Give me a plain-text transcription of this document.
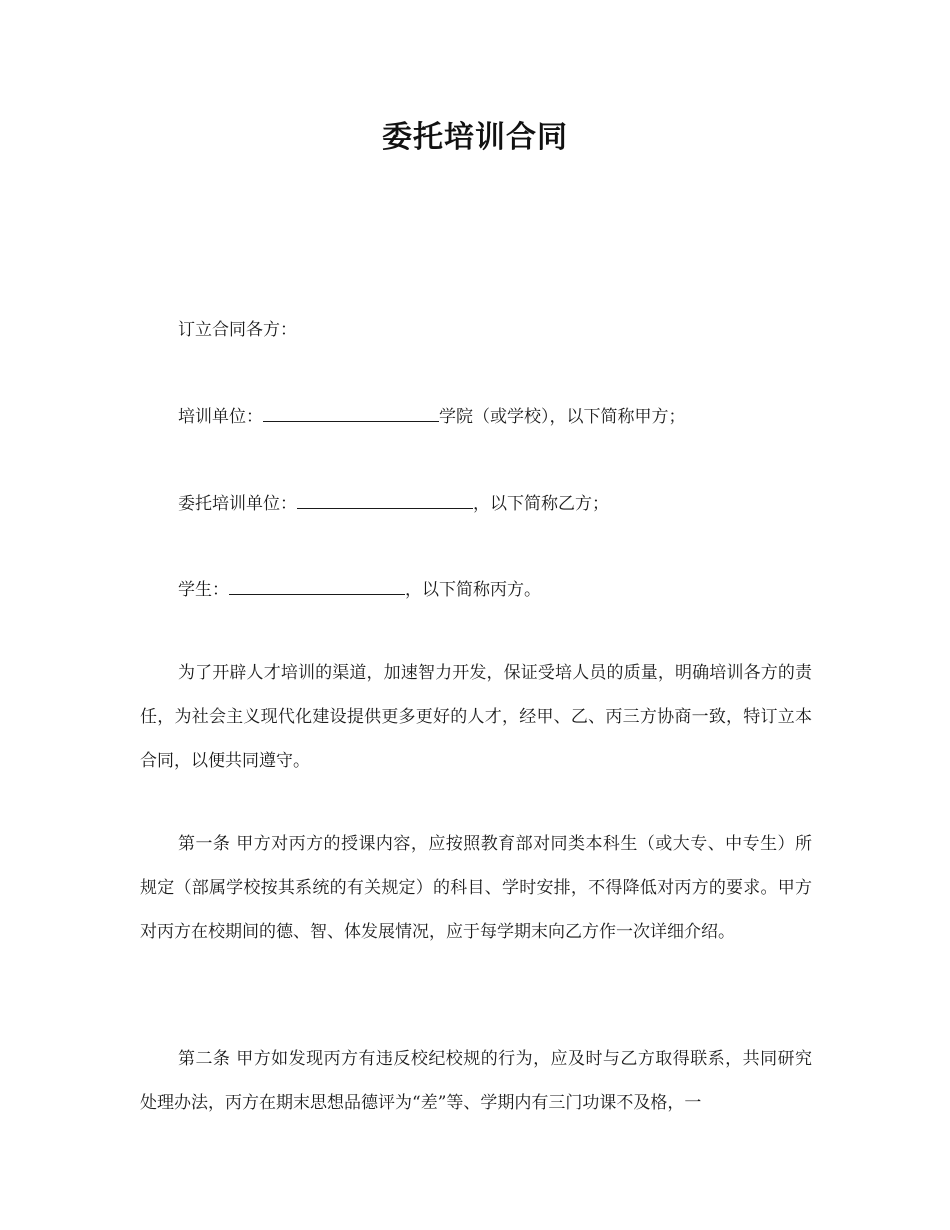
委托培训合同

订立合同各方：

培训单位：	学院（或学校），以下简称甲方；

委托培训单位：	，以下简称乙方；

学生：	，以下简称丙方。

为了开辟人才培训的渠道，加速智力开发，保证受培人员的质量，明确培训各方的责任，为社会主义现代化建设提供更多更好的人才，经甲、乙、丙三方协商一致，特订立本合同，以便共同遵守。

第一条 甲方对丙方的授课内容，应按照教育部对同类本科生（或大专、中专生）所规定（部属学校按其系统的有关规定）的科目、学时安排，不得降低对丙方的要求。甲方对丙方在校期间的德、智、体发展情况，应于每学期末向乙方作一次详细介绍。

第二条 甲方如发现丙方有违反校纪校规的行为，应及时与乙方取得联系，共同研究处理办法，丙方在期末思想品德评为“差”等、学期内有三门功课不及格，一
